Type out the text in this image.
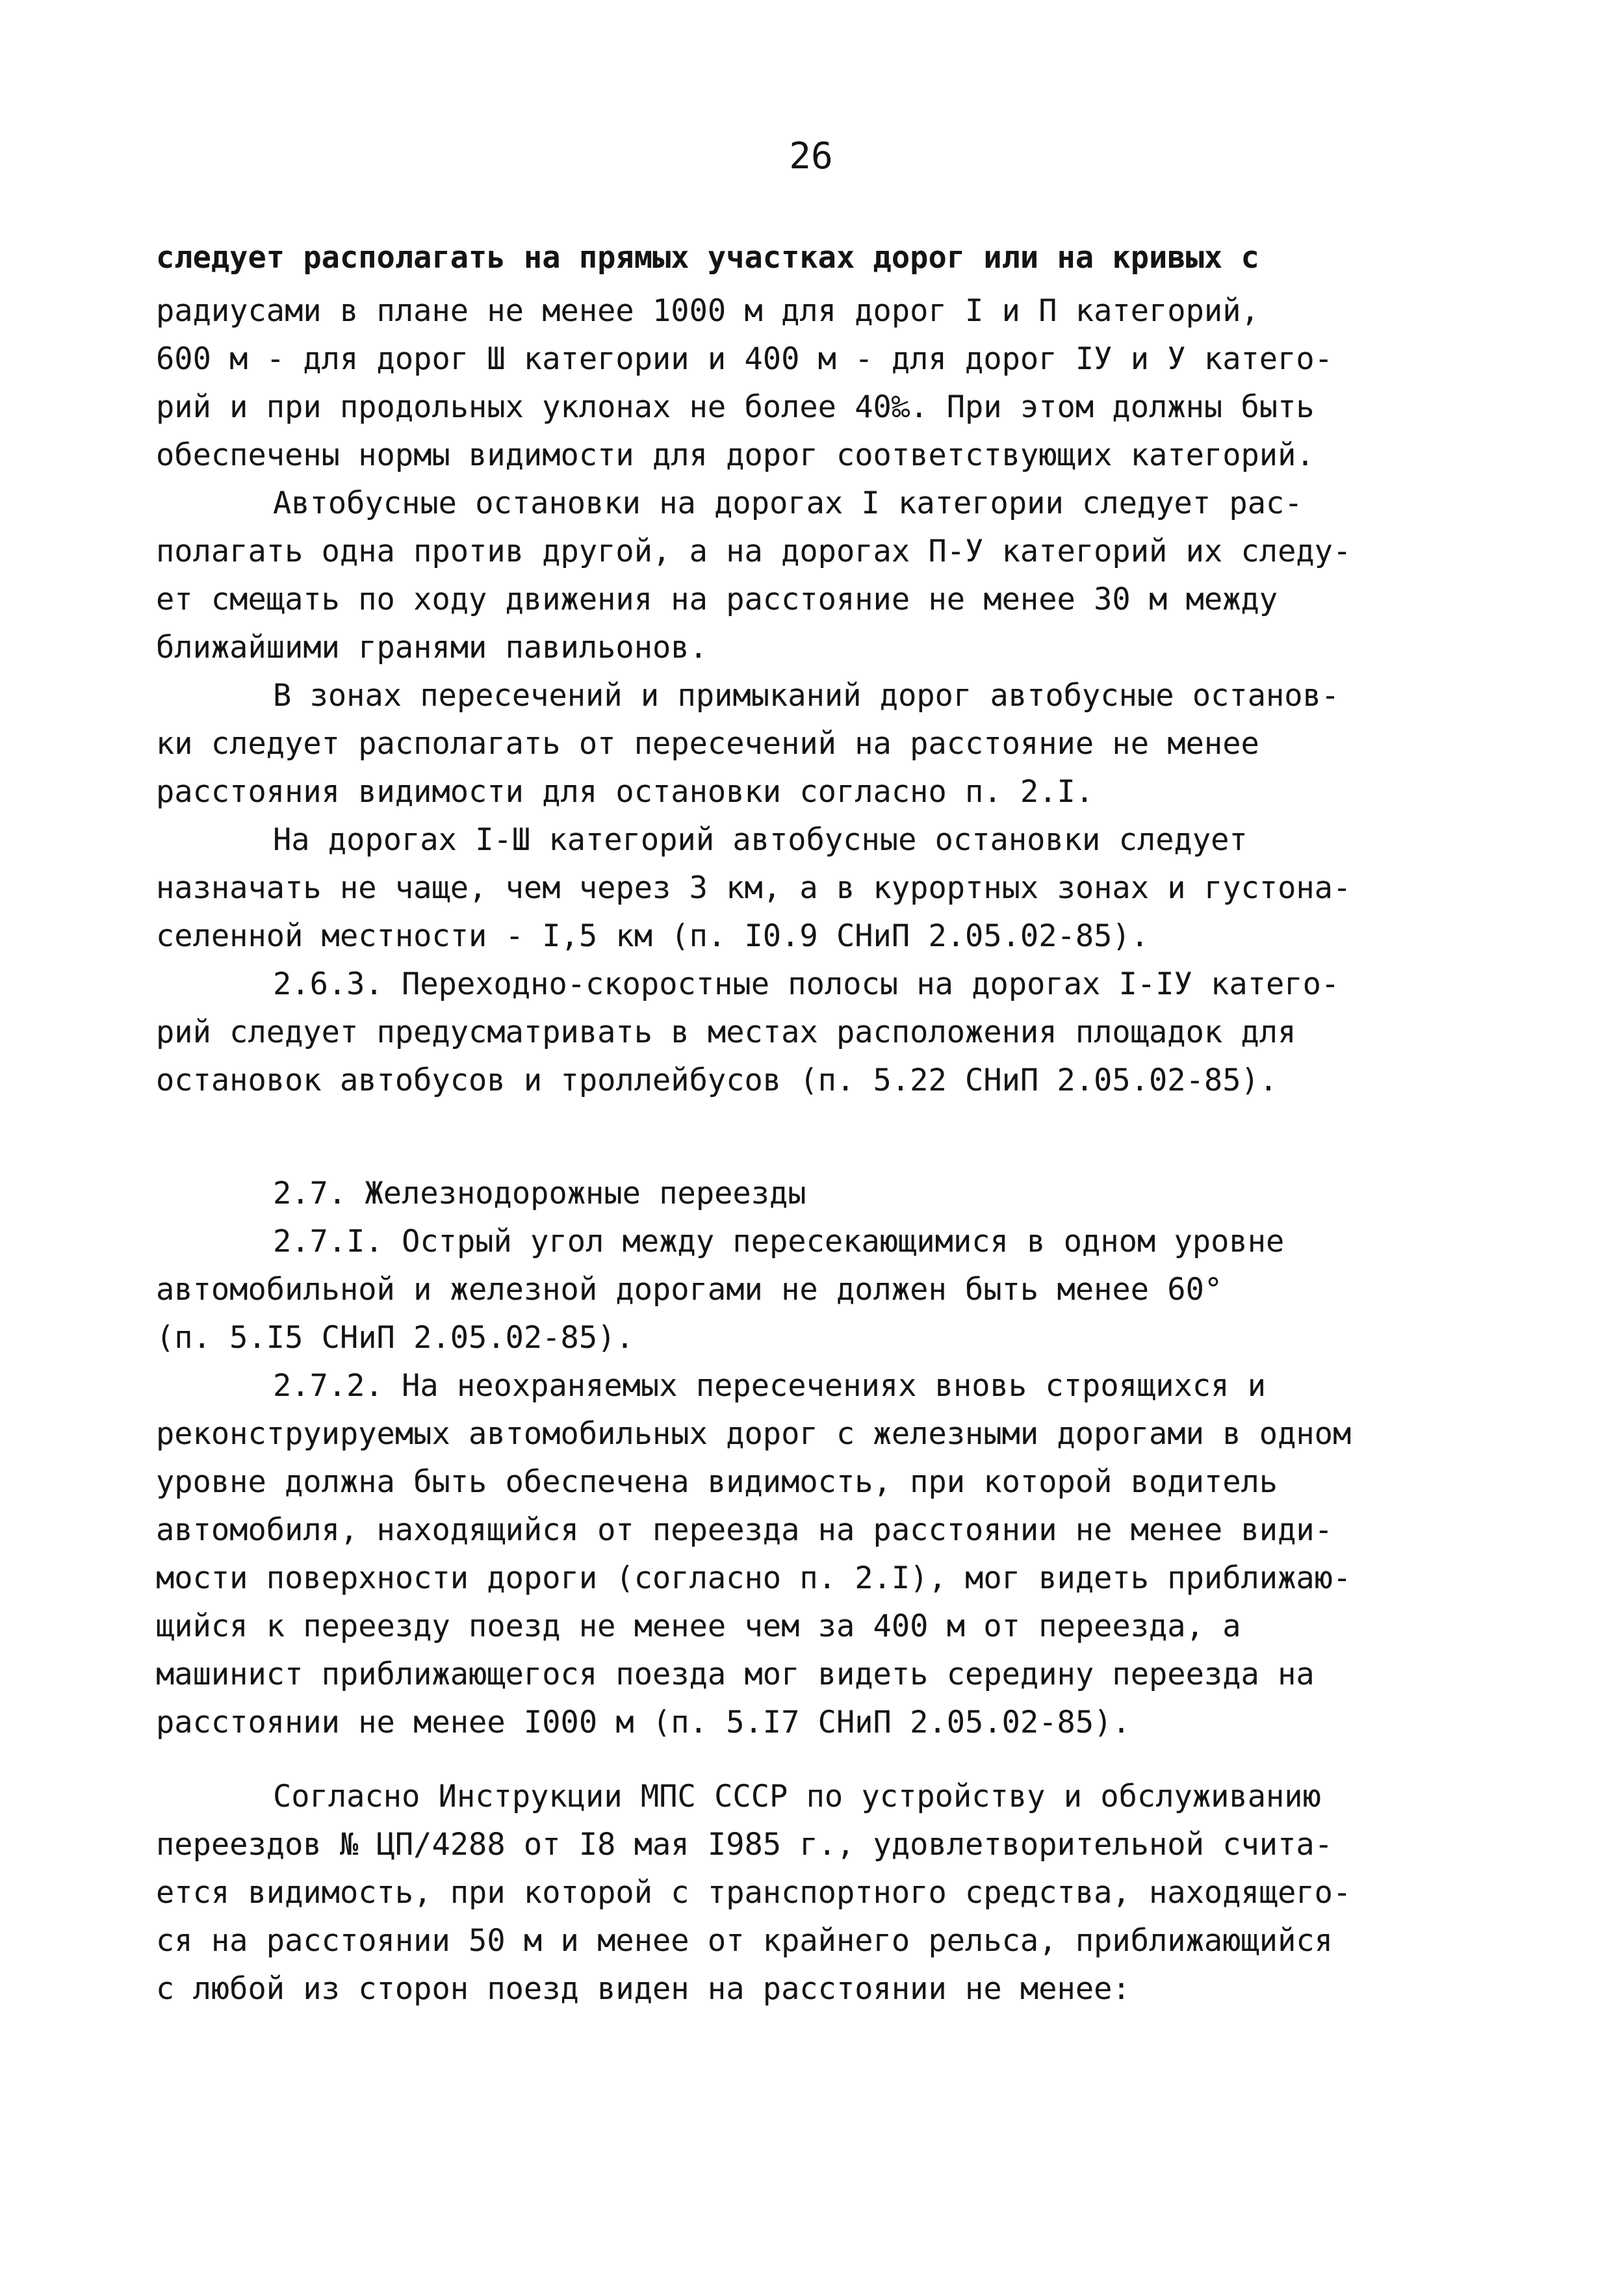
26
следует располагать на прямых участках дорог или на кривых с
радиусами в плане не менее 1000 м для дорог I и П категорий,
600 м - для дорог Ш категории и 400 м - для дорог IУ и У катего-
рий и при продольных уклонах не более 40‰. При этом должны быть
обеспечены нормы видимости для дорог соответствующих категорий.
Автобусные остановки на дорогах I категории следует рас-
полагать одна против другой, а на дорогах П-У категорий их следу-
ет смещать по ходу движения на расстояние не менее 30 м между
ближайшими гранями павильонов.
В зонах пересечений и примыканий дорог автобусные останов-
ки следует располагать от пересечений на расстояние не менее
расстояния видимости для остановки согласно п. 2.I.
На дорогах I-Ш категорий автобусные остановки следует
назначать не чаще, чем через 3 км, а в курортных зонах и густона-
селенной местности - I,5 км (п. I0.9 СНиП 2.05.02-85).
2.6.3. Переходно-скоростные полосы на дорогах I-IУ катего-
рий следует предусматривать в местах расположения площадок для
остановок автобусов и троллейбусов (п. 5.22 СНиП 2.05.02-85).
2.7. Железнодорожные переезды
2.7.I. Острый угол между пересекающимися в одном уровне
автомобильной и железной дорогами не должен быть менее 60°
(п. 5.I5 СНиП 2.05.02-85).
2.7.2. На неохраняемых пересечениях вновь строящихся и
реконструируемых автомобильных дорог с железными дорогами в одном
уровне должна быть обеспечена видимость, при которой водитель
автомобиля, находящийся от переезда на расстоянии не менее види-
мости поверхности дороги (согласно п. 2.I), мог видеть приближаю-
щийся к переезду поезд не менее чем за 400 м от переезда, а
машинист приближающегося поезда мог видеть середину переезда на
расстоянии не менее I000 м (п. 5.I7 СНиП 2.05.02-85).
Согласно Инструкции МПС СССР по устройству и обслуживанию
переездов № ЦП/4288 от I8 мая I985 г., удовлетворительной счита-
ется видимость, при которой с транспортного средства, находящего-
ся на расстоянии 50 м и менее от крайнего рельса, приближающийся
с любой из сторон поезд виден на расстоянии не менее:
